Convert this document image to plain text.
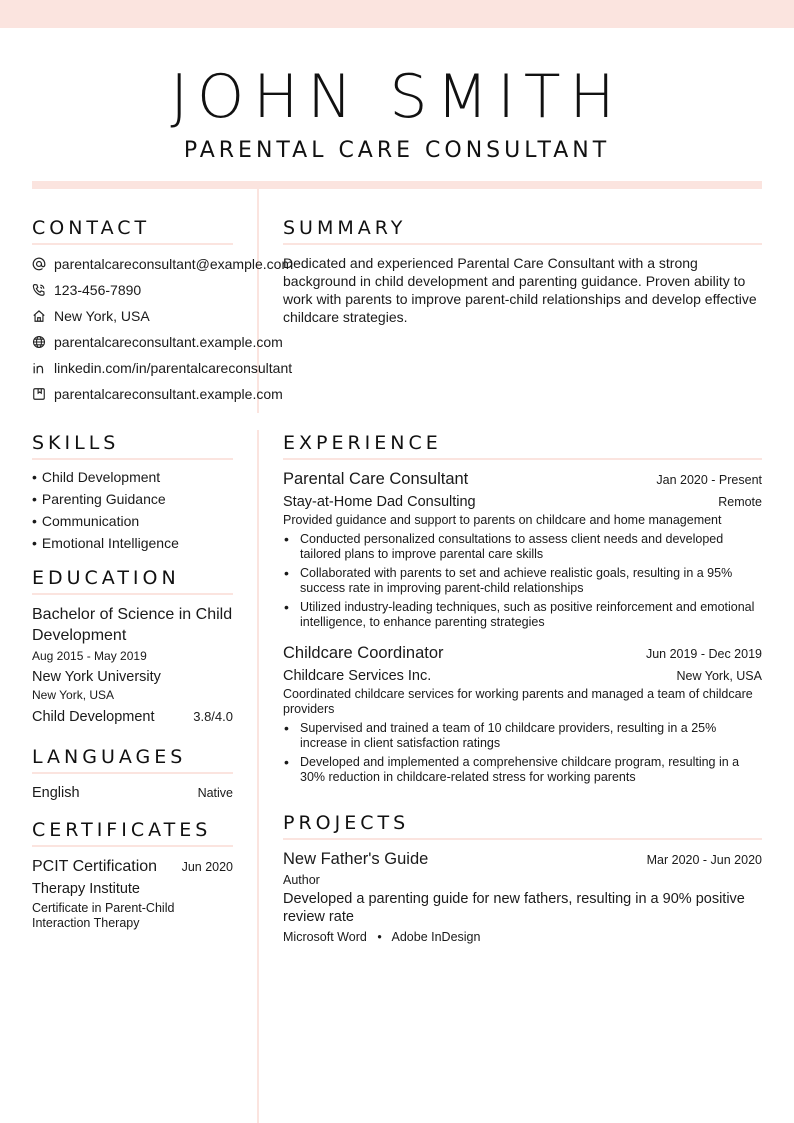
JOHN SMITH
PARENTAL CARE CONSULTANT
CONTACT
parentalcareconsultant@example.com
123-456-7890
New York, USA
parentalcareconsultant.example.com
linkedin.com/in/parentalcareconsultant
parentalcareconsultant.example.com
SUMMARY
Dedicated and experienced Parental Care Consultant with a strong background in child development and parenting guidance. Proven ability to work with parents to improve parent-child relationships and develop effective childcare strategies.
SKILLS
• Child Development
• Parenting Guidance
• Communication
• Emotional Intelligence
EDUCATION
Bachelor of Science in Child Development
Aug 2015 - May 2019
New York University
New York, USA
Child Development	3.8/4.0
LANGUAGES
English	Native
CERTIFICATES
PCIT Certification Jun 2020
Therapy Institute
Certificate in Parent-Child Interaction Therapy
EXPERIENCE
Parental Care Consultant	Jan 2020 - Present
Stay-at-Home Dad Consulting	Remote
Provided guidance and support to parents on childcare and home management
• Conducted personalized consultations to assess client needs and developed tailored plans to improve parental care skills
• Collaborated with parents to set and achieve realistic goals, resulting in a 95% success rate in improving parent-child relationships
• Utilized industry-leading techniques, such as positive reinforcement and emotional intelligence, to enhance parenting strategies
Childcare Coordinator	Jun 2019 - Dec 2019
Childcare Services Inc.	New York, USA
Coordinated childcare services for working parents and managed a team of childcare providers
• Supervised and trained a team of 10 childcare providers, resulting in a 25% increase in client satisfaction ratings
• Developed and implemented a comprehensive childcare program, resulting in a 30% reduction in childcare-related stress for working parents
PROJECTS
New Father's Guide	Mar 2020 - Jun 2020
Author
Developed a parenting guide for new fathers, resulting in a 90% positive review rate
Microsoft Word • Adobe InDesign
